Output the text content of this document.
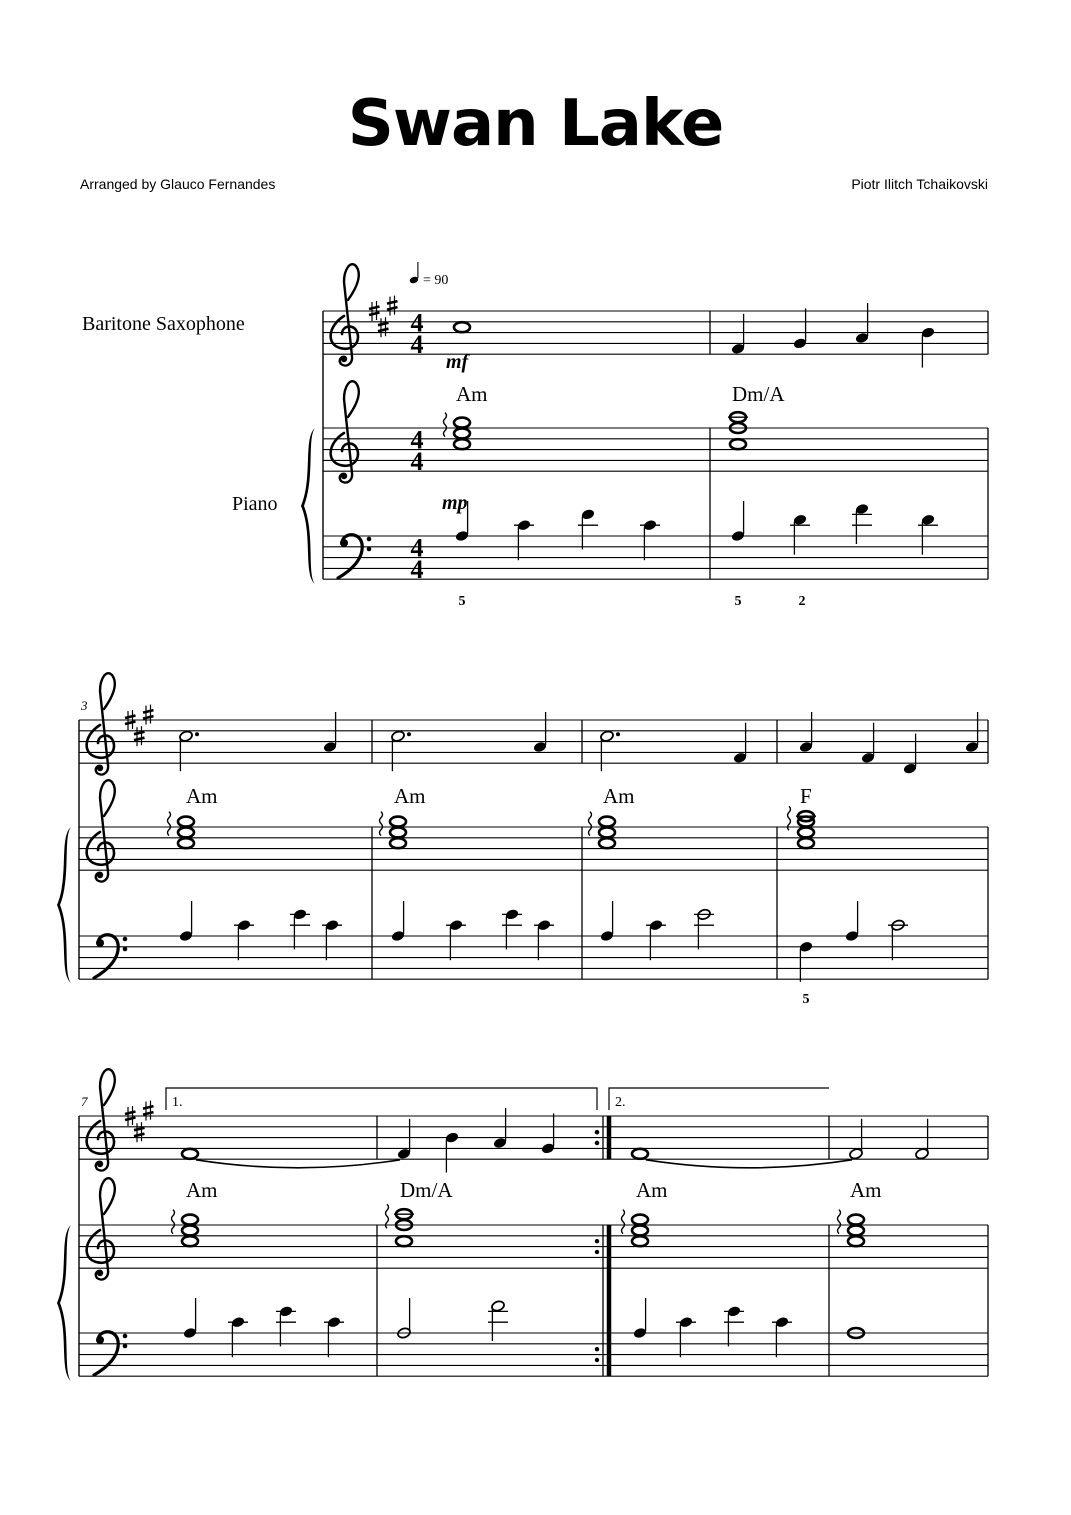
Swan Lake
Arranged by Glauco Fernandes	Piotr Ilitch Tchaikovski
= 90
Baritone Saxophone
Piano
4
4
4
4
4
4
mf
Am	Dm/A
mp
5	5	2
3
Am	Am	Am	F
5
7	1.	2.
Am	Dm/A	Am	Am
